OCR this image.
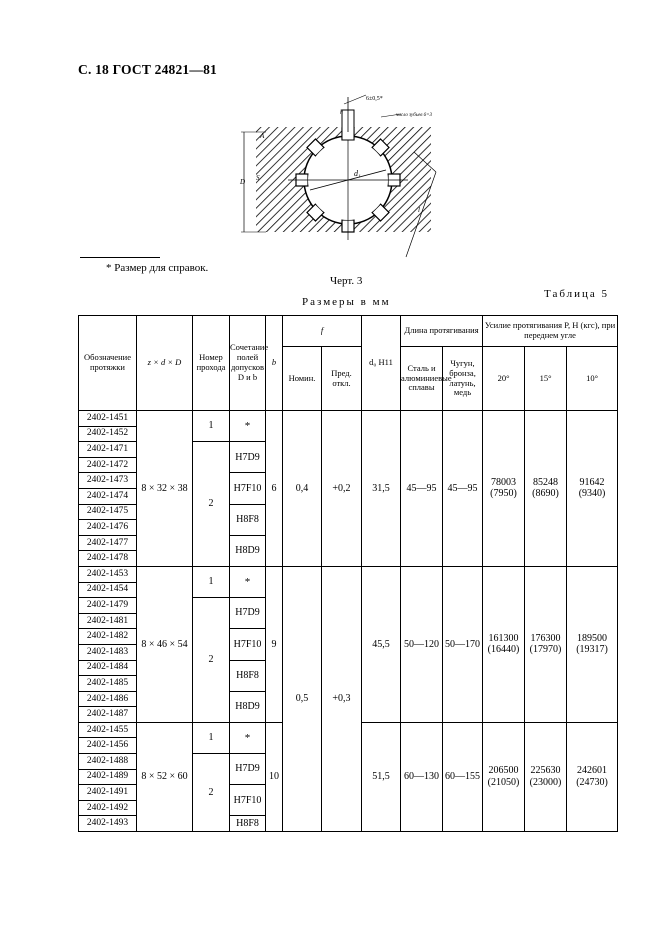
С. 18 ГОСТ 24821—81
6±0,5*
число зубьев 6=3
D
A
S	d₁
h
l
* Размер для справок.
Черт. 3
Таблица 5
Размеры в мм
Обозначение протяжки	z × d × D	Номер прохода	Сочетание полей допусков D и b	b	f		d₀ H11	Длина протягивания		Усилие протягивания P, Н (кгс), при переднем угле		
					Номин.	Пред. откл.		Сталь и алюминиевые сплавы	Чугун, бронза, латунь, медь	20°	15°	10°
2402-1451	8 × 32 × 38	1	*	6	0,4	+0,2	31,5	45—95	45—95	78003 (7950)	85248 (8690)	91642 (9340)
2402-1452												
2402-1471		2	H7D9									
2402-1472												
2402-1473			H7F10									
2402-1474												
2402-1475			H8F8									
2402-1476												
2402-1477			H8D9									
2402-1478												
2402-1453	8 × 46 × 54	1	*	9	0,5	+0,3	45,5	50—120	50—170	161300 (16440)	176300 (17970)	189500 (19317)
2402-1454												
2402-1479		2	H7D9									
2402-1481												
2402-1482			H7F10									
2402-1483												
2402-1484			H8F8									
2402-1485												
2402-1486			H8D9									
2402-1487												
2402-1455	8 × 52 × 60	1	*	10			51,5	60—130	60—155	206500 (21050)	225630 (23000)	242601 (24730)
2402-1456												
2402-1488		2	H7D9									
2402-1489												
2402-1491			H7F10									
2402-1492												
2402-1493			H8F8									
